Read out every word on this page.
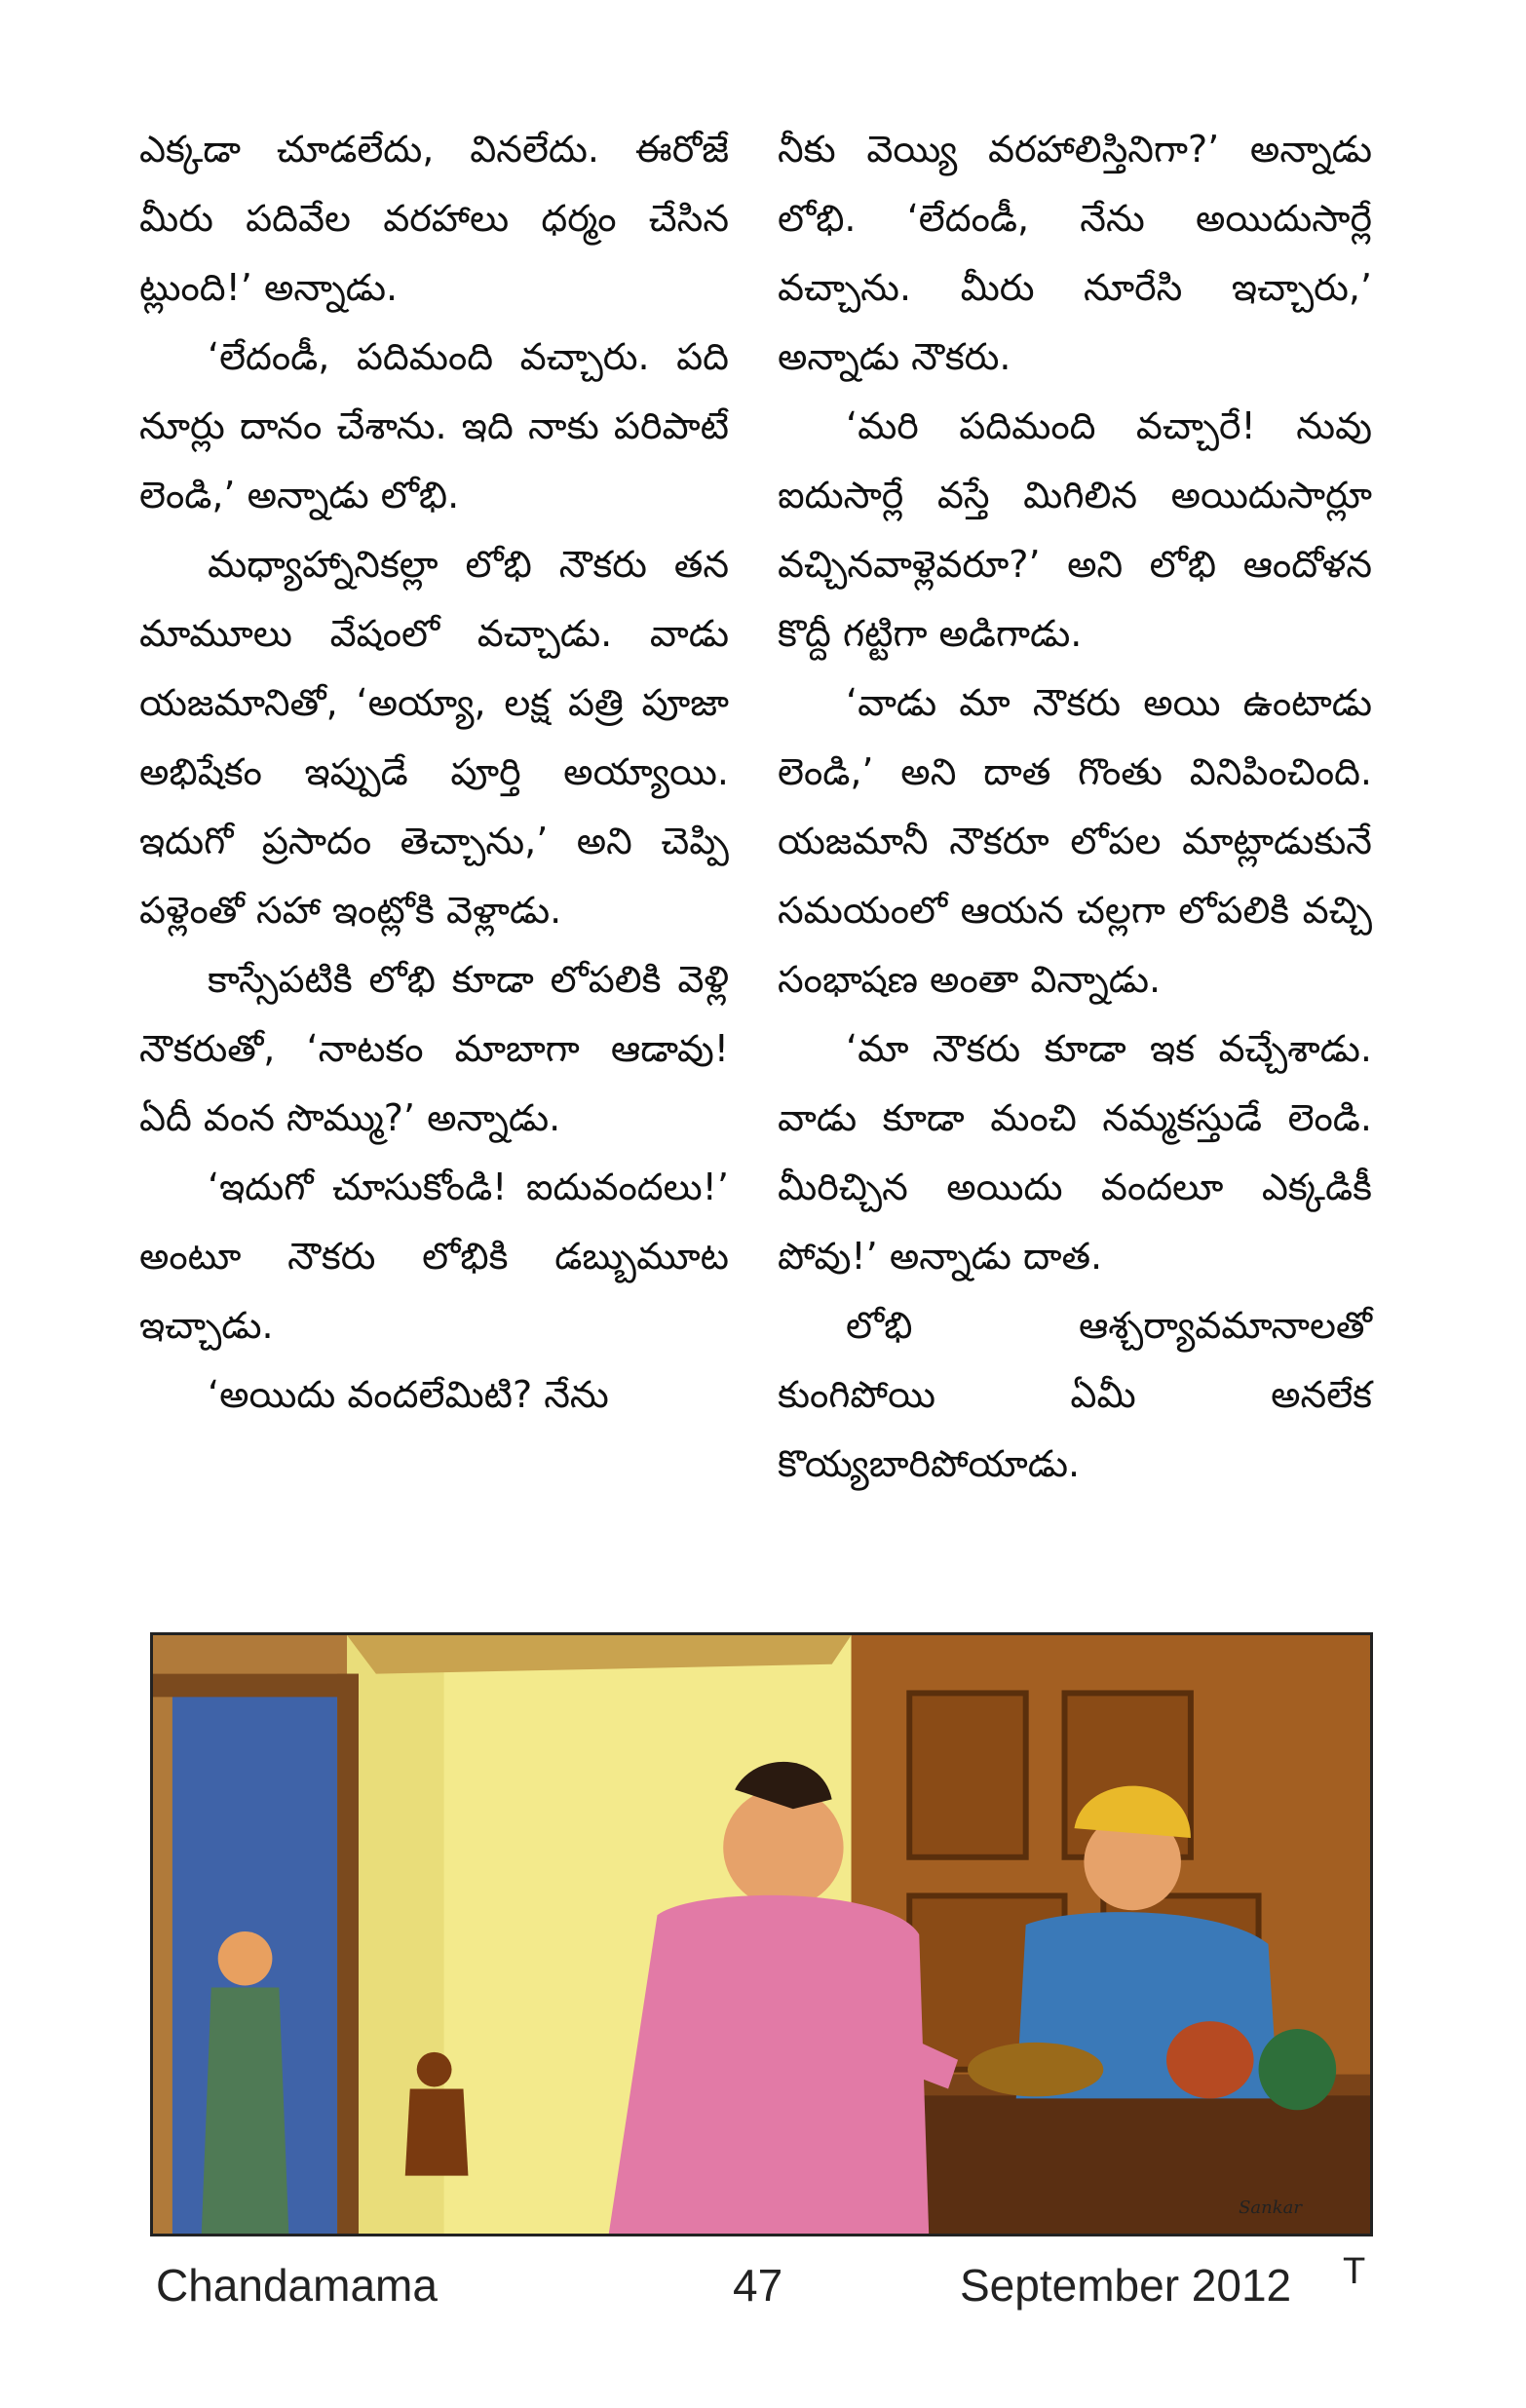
ఎక్కడా చూడలేదు, వినలేదు. ఈరోజే మీరు పదివేల వరహాలు ధర్మం చేసిన ట్లుంది!’ అన్నాడు.

‘లేదండీ, పదిమంది వచ్చారు. పది నూర్లు దానం చేశాను. ఇది నాకు పరిపాటే లెండి,’ అన్నాడు లోభి.

మధ్యాహ్నానికల్లా లోభి నౌకరు తన మామూలు వేషంలో వచ్చాడు. వాడు యజమానితో, ‘అయ్యా, లక్ష పత్రి పూజా అభిషేకం ఇప్పుడే పూర్తి అయ్యాయి. ఇదుగో ప్రసాదం తెచ్చాను,’ అని చెప్పి పళ్లెంతో సహా ఇంట్లోకి వెళ్లాడు.

కాస్సేపటికి లోభి కూడా లోపలికి వెళ్లి నౌకరుతో, ‘నాటకం మాబాగా ఆడావు! ఏదీ వంన సొమ్ము?’ అన్నాడు.

‘ఇదుగో చూసుకోండి! ఐదువందలు!’ అంటూ నౌకరు లోభికి డబ్బుమూట ఇచ్చాడు.

‘అయిదు వందలేమిటి? నేను

నీకు వెయ్యి వరహాలిస్తినిగా?’ అన్నాడు లోభి. ‘లేదండీ, నేను అయిదుసార్లే వచ్చాను. మీరు నూరేసి ఇచ్చారు,’ అన్నాడు నౌకరు.

‘మరి పదిమంది వచ్చారే! నువు ఐదుసార్లే వస్తే మిగిలిన అయిదుసార్లూ వచ్చినవాళ్లెవరూ?’ అని లోభి ఆందోళన కొద్దీ గట్టిగా అడిగాడు.

‘వాడు మా నౌకరు అయి ఉంటాడు లెండి,’ అని దాత గొంతు వినిపించింది. యజమానీ నౌకరూ లోపల మాట్లాడుకునే సమయంలో ఆయన చల్లగా లోపలికి వచ్చి సంభాషణ అంతా విన్నాడు.

‘మా నౌకరు కూడా ఇక వచ్చేశాడు. వాడు కూడా మంచి నమ్మకస్తుడే లెండి. మీరిచ్చిన అయిదు వందలూ ఎక్కడికీ పోవు!’ అన్నాడు దాత.

లోభి ఆశ్చర్యావమానాలతో కుంగిపోయి ఏమీ అనలేక కొయ్యబారిపోయాడు.

Sankar
Chandamama	47	September 2012 T
